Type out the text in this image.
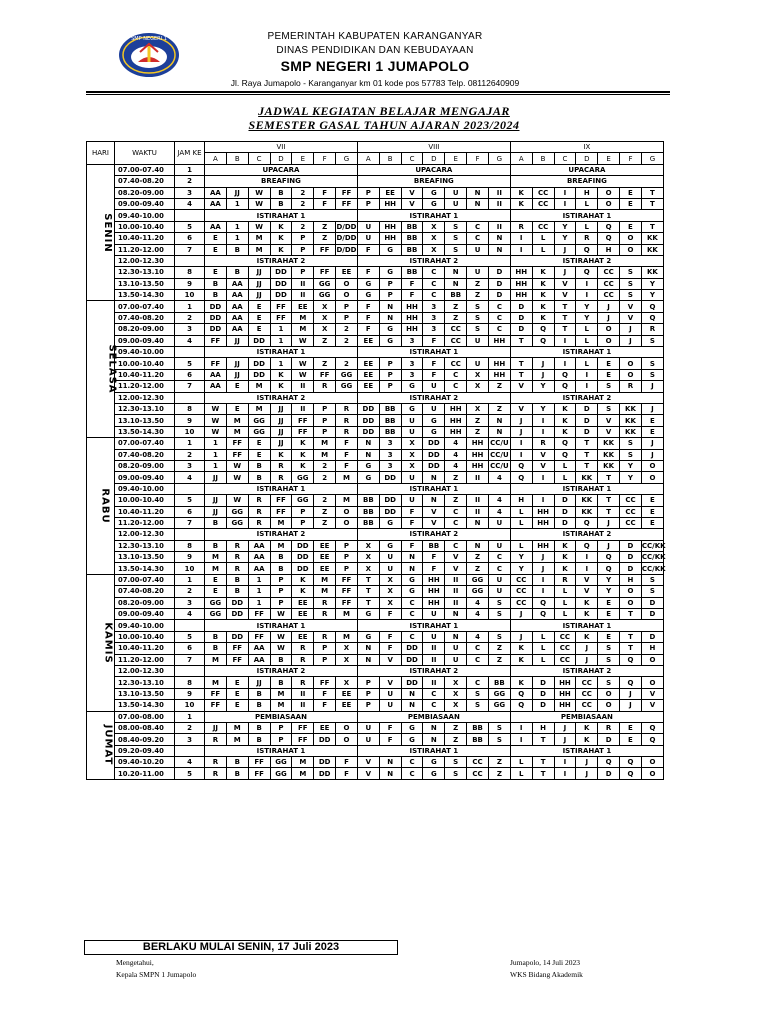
SMP NEGERI 1	PEMERINTAH KABUPATEN KARANGANYAR
DINAS PENDIDIKAN DAN KEBUDAYAAN
SMP NEGERI 1 JUMAPOLO
Jl. Raya Jumapolo - Karanganyar km 01 kode pos 57783 Telp. 08112640909
JADWAL KEGIATAN BELAJAR MENGAJAR
SEMESTER GASAL TAHUN AJARAN 2023/2024
HARI	WAKTU	JAM KE	VII							VIII							IX						
			A	B	C	D	E	F	G	A	B	C	D	E	F	G	A	B	C	D	E	F	G
SENIN	07.00-07.40	1	UPACARA							UPACARA							UPACARA						
	07.40-08.20	2	BREAFING							BREAFING							BREAFING						
	08.20-09.00	3	AA	JJ	W	B	2	F	FF	P	EE	V	G	U	N	II	K	CC	I	H	O	E	T
	09.00-09.40	4	AA	1	W	B	2	F	FF	P	HH	V	G	U	N	II	K	CC	I	L	O	E	T
	09.40-10.00		ISTIRAHAT 1							ISTIRAHAT 1							ISTIRAHAT 1						
	10.00-10.40	5	AA	1	W	K	2	Z	D/DD	U	HH	BB	X	S	C	II	R	CC	Y	L	Q	E	T
	10.40-11.20	6	E	1	M	K	P	Z	D/DD	U	HH	BB	X	S	C	N	I	L	Y	R	Q	O	KK
	11.20-12.00	7	E	B	M	K	P	FF	D/DD	F	G	BB	X	S	U	N	I	L	J	Q	H	O	KK
	12.00-12.30		ISTIRAHAT 2							ISTIRAHAT 2							ISTIRAHAT 2						
	12.30-13.10	8	E	B	JJ	DD	P	FF	EE	F	G	BB	C	N	U	D	HH	K	J	Q	CC	S	KK
	13.10-13.50	9	B	AA	JJ	DD	II	GG	O	G	P	F	C	N	Z	D	HH	K	V	I	CC	S	Y
	13.50-14.30	10	B	AA	JJ	DD	II	GG	O	G	P	F	C	BB	Z	D	HH	K	V	I	CC	S	Y
SELASA	07.00-07.40	1	DD	AA	E	FF	EE	X	P	F	N	HH	3	Z	S	C	D	K	T	Y	J	V	Q
	07.40-08.20	2	DD	AA	E	FF	M	X	P	F	N	HH	3	Z	S	C	D	K	T	Y	J	V	Q
	08.20-09.00	3	DD	AA	E	1	M	X	2	F	G	HH	3	CC	S	C	D	Q	T	L	O	J	R
	09.00-09.40	4	FF	JJ	DD	1	W	Z	2	EE	G	3	F	CC	U	HH	T	Q	I	L	O	J	S
	09.40-10.00		ISTIRAHAT 1							ISTIRAHAT 1							ISTIRAHAT 1						
	10.00-10.40	5	FF	JJ	DD	1	W	Z	2	EE	P	3	F	CC	U	HH	T	J	I	L	E	O	S
	10.40-11.20	6	AA	JJ	DD	K	W	FF	GG	EE	P	3	F	C	X	HH	T	J	Q	I	E	O	S
	11.20-12.00	7	AA	E	M	K	II	R	GG	EE	P	G	U	C	X	Z	V	Y	Q	I	S	R	J
	12.00-12.30		ISTIRAHAT 2							ISTIRAHAT 2							ISTIRAHAT 2						
	12.30-13.10	8	W	E	M	JJ	II	P	R	DD	BB	G	U	HH	X	Z	V	Y	K	D	S	KK	J
	13.10-13.50	9	W	M	GG	JJ	FF	P	R	DD	BB	U	G	HH	Z	N	J	I	K	D	V	KK	E
	13.50-14.30	10	W	M	GG	JJ	FF	P	R	DD	BB	U	G	HH	Z	N	J	I	K	D	V	KK	E
RABU	07.00-07.40	1	1	FF	E	JJ	K	M	F	N	3	X	DD	4	HH	CC/U	I	R	Q	T	KK	S	J
	07.40-08.20	2	1	FF	E	K	K	M	F	N	3	X	DD	4	HH	CC/U	I	V	Q	T	KK	S	J
	08.20-09.00	3	1	W	B	R	K	2	F	G	3	X	DD	4	HH	CC/U	Q	V	L	T	KK	Y	O
	09.00-09.40	4	JJ	W	B	R	GG	2	M	G	DD	U	N	Z	II	4	Q	I	L	KK	T	Y	O
	09.40-10.00		ISTIRAHAT 1							ISTIRAHAT 1							ISTIRAHAT 1						
	10.00-10.40	5	JJ	W	R	FF	GG	2	M	BB	DD	U	N	Z	II	4	H	I	D	KK	T	CC	E
	10.40-11.20	6	JJ	GG	R	FF	P	Z	O	BB	DD	F	V	C	II	4	L	HH	D	KK	T	CC	E
	11.20-12.00	7	B	GG	R	M	P	Z	O	BB	G	F	V	C	N	U	L	HH	D	Q	J	CC	E
	12.00-12.30		ISTIRAHAT 2							ISTIRAHAT 2							ISTIRAHAT 2						
	12.30-13.10	8	B	R	AA	M	DD	EE	P	X	G	F	BB	C	N	U	L	HH	K	Q	J	D	CC/KK
	13.10-13.50	9	M	R	AA	B	DD	EE	P	X	U	N	F	V	Z	C	Y	J	K	I	Q	D	CC/KK
	13.50-14.30	10	M	R	AA	B	DD	EE	P	X	U	N	F	V	Z	C	Y	J	K	I	Q	D	CC/KK
KAMIS	07.00-07.40	1	E	B	1	P	K	M	FF	T	X	G	HH	II	GG	U	CC	I	R	V	Y	H	S
	07.40-08.20	2	E	B	1	P	K	M	FF	T	X	G	HH	II	GG	U	CC	I	L	V	Y	O	S
	08.20-09.00	3	GG	DD	1	P	EE	R	FF	T	X	C	HH	II	4	S	CC	Q	L	K	E	O	D
	09.00-09.40	4	GG	DD	FF	W	EE	R	M	G	F	C	U	N	4	S	J	Q	L	K	E	T	D
	09.40-10.00		ISTIRAHAT 1							ISTIRAHAT 1							ISTIRAHAT 1						
	10.00-10.40	5	B	DD	FF	W	EE	R	M	G	F	C	U	N	4	S	J	L	CC	K	E	T	D
	10.40-11.20	6	B	FF	AA	W	R	P	X	N	F	DD	II	U	C	Z	K	L	CC	J	S	T	H
	11.20-12.00	7	M	FF	AA	B	R	P	X	N	V	DD	II	U	C	Z	K	L	CC	J	S	Q	O
	12.00-12.30		ISTIRAHAT 2							ISTIRAHAT 2							ISTIRAHAT 2						
	12.30-13.10	8	M	E	JJ	B	R	FF	X	P	V	DD	II	X	C	BB	K	D	HH	CC	S	Q	O
	13.10-13.50	9	FF	E	B	M	II	F	EE	P	U	N	C	X	S	GG	Q	D	HH	CC	O	J	V
	13.50-14.30	10	FF	E	B	M	II	F	EE	P	U	N	C	X	S	GG	Q	D	HH	CC	O	J	V
JUMAT	07.00-08.00	1	PEMBIASAAN							PEMBIASAAN							PEMBIASAAN						
	08.00-08.40	2	JJ	M	B	P	FF	EE	O	U	F	G	N	Z	BB	S	I	H	J	K	R	E	Q
	08.40-09.20	3	R	M	B	P	FF	DD	O	U	F	G	N	Z	BB	S	I	T	J	K	D	E	Q
	09.20-09.40		ISTIRAHAT 1							ISTIRAHAT 1							ISTIRAHAT 1						
	09.40-10.20	4	R	B	FF	GG	M	DD	F	V	N	C	G	S	CC	Z	L	T	I	J	Q	Q	O
	10.20-11.00	5	R	B	FF	GG	M	DD	F	V	N	C	G	S	CC	Z	L	T	I	J	D	Q	O
BERLAKU MULAI SENIN, 17 Juli 2023
Mengetahui,
Kepala SMPN 1 Jumapolo
Jumapolo, 14 Juli 2023
WKS Bidang Akademik
